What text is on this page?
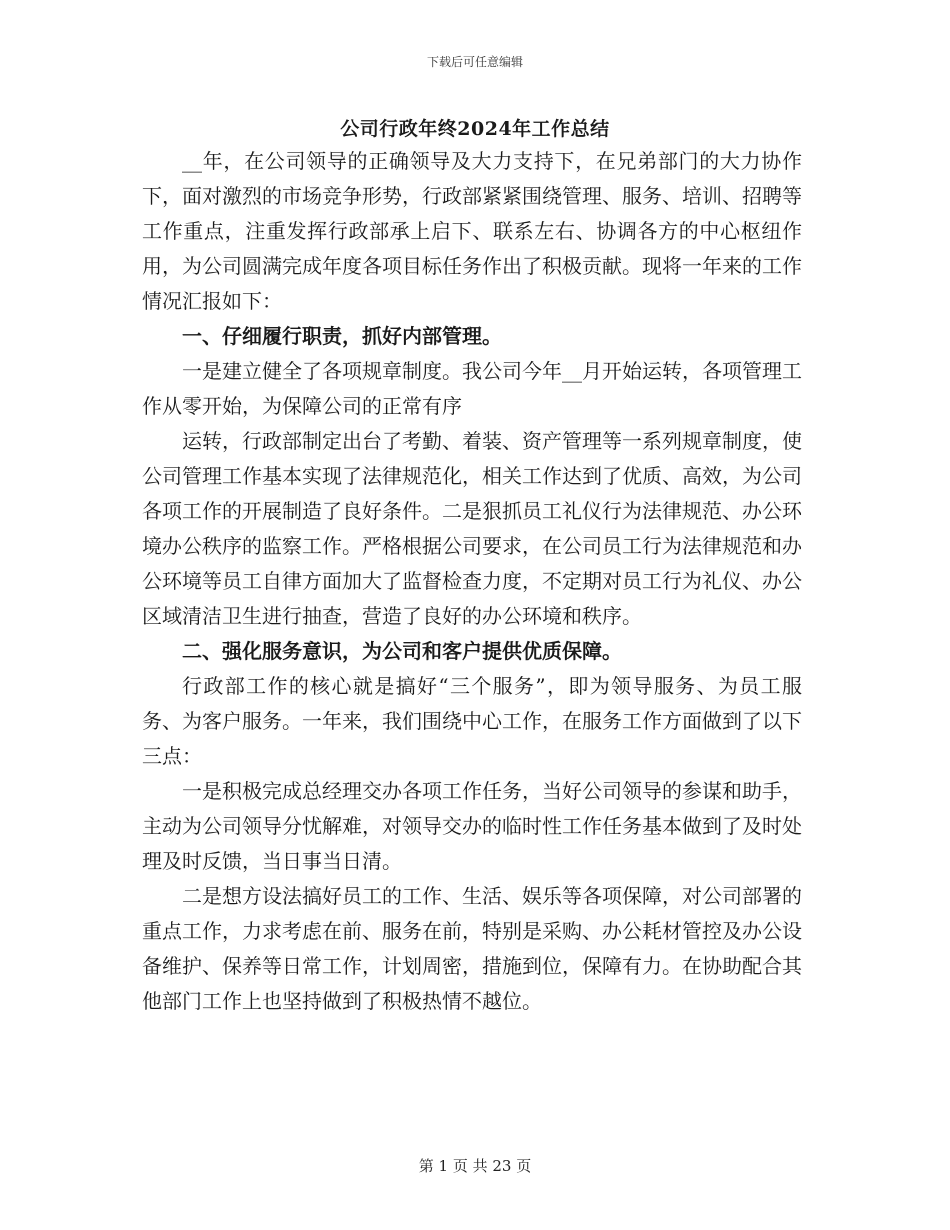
下载后可任意编辑
公司行政年终2024年工作总结

__年，在公司领导的正确领导及大力支持下，在兄弟部门的大力协作下，面对激烈的市场竞争形势，行政部紧紧围绕管理、服务、培训、招聘等工作重点，注重发挥行政部承上启下、联系左右、协调各方的中心枢纽作用，为公司圆满完成年度各项目标任务作出了积极贡献。现将一年来的工作情况汇报如下：

一、仔细履行职责，抓好内部管理。

一是建立健全了各项规章制度。我公司今年__月开始运转，各项管理工作从零开始，为保障公司的正常有序

运转，行政部制定出台了考勤、着装、资产管理等一系列规章制度，使公司管理工作基本实现了法律规范化，相关工作达到了优质、高效，为公司各项工作的开展制造了良好条件。二是狠抓员工礼仪行为法律规范、办公环境办公秩序的监察工作。严格根据公司要求，在公司员工行为法律规范和办公环境等员工自律方面加大了监督检查力度，不定期对员工行为礼仪、办公区域清洁卫生进行抽查，营造了良好的办公环境和秩序。

二、强化服务意识，为公司和客户提供优质保障。

行政部工作的核心就是搞好“三个服务”，即为领导服务、为员工服务、为客户服务。一年来，我们围绕中心工作，在服务工作方面做到了以下三点：

一是积极完成总经理交办各项工作任务，当好公司领导的参谋和助手，主动为公司领导分忧解难，对领导交办的临时性工作任务基本做到了及时处理及时反馈，当日事当日清。

二是想方设法搞好员工的工作、生活、娱乐等各项保障，对公司部署的重点工作，力求考虑在前、服务在前，特别是采购、办公耗材管控及办公设备维护、保养等日常工作，计划周密，措施到位，保障有力。在协助配合其他部门工作上也坚持做到了积极热情不越位。

第 1 页 共 23 页
